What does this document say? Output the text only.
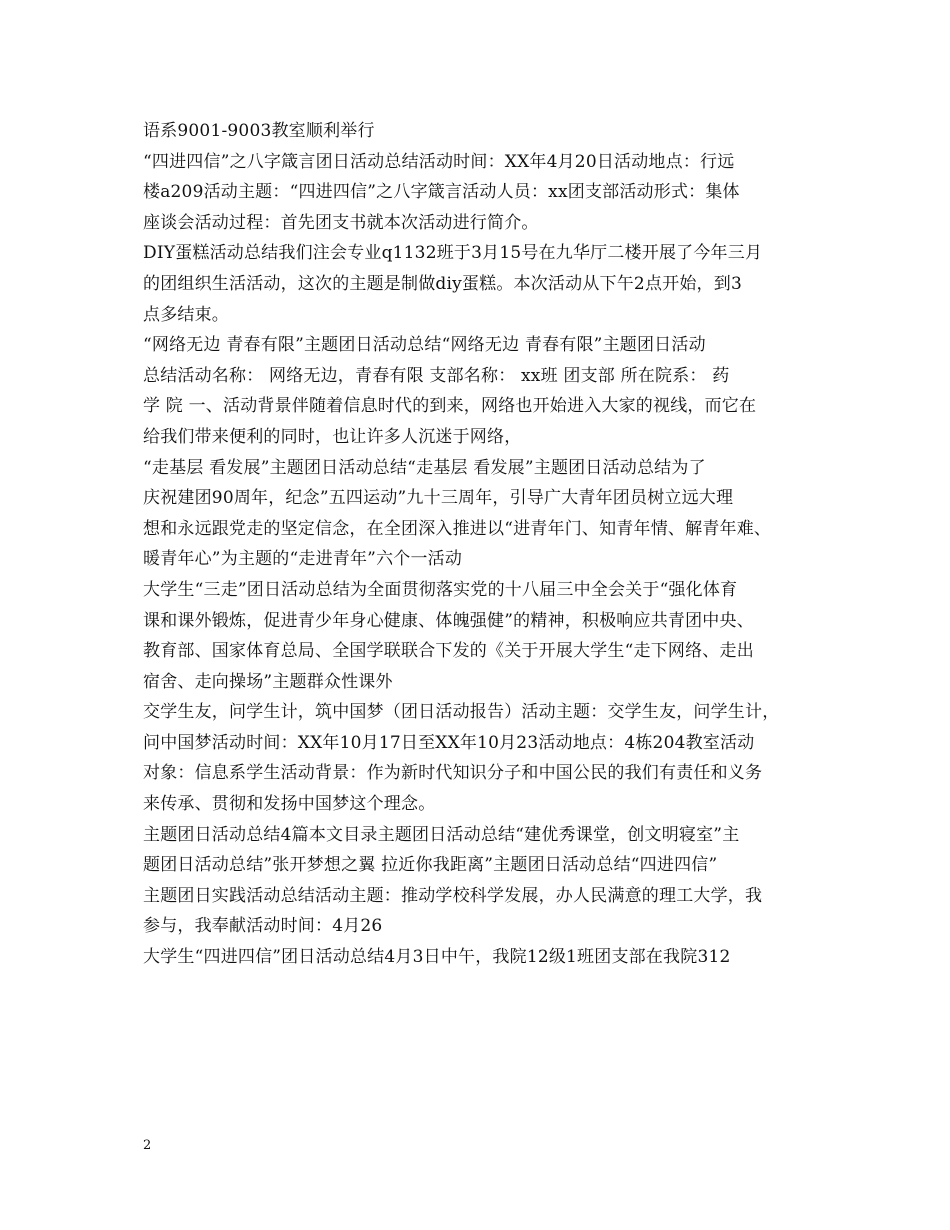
语系9001-9003教室顺利举行
“四进四信”之八字箴言团日活动总结活动时间：XX年4月20日活动地点：行远
楼a209活动主题：“四进四信”之八字箴言活动人员：xx团支部活动形式：集体
座谈会活动过程：首先团支书就本次活动进行简介。
DIY蛋糕活动总结我们注会专业q1132班于3月15号在九华厅二楼开展了今年三月
的团组织生活活动，这次的主题是制做diy蛋糕。本次活动从下午2点开始，到3
点多结束。
“网络无边 青春有限”主题团日活动总结“网络无边 青春有限”主题团日活动
总结活动名称： 网络无边，青春有限 支部名称： xx班 团支部 所在院系： 药
学 院 一、活动背景伴随着信息时代的到来，网络也开始进入大家的视线，而它在
给我们带来便利的同时，也让许多人沉迷于网络，
“走基层 看发展”主题团日活动总结“走基层 看发展”主题团日活动总结为了
庆祝建团90周年，纪念”五四运动”九十三周年，引导广大青年团员树立远大理
想和永远跟党走的坚定信念，在全团深入推进以“进青年门、知青年情、解青年难、
暖青年心”为主题的“走进青年”六个一活动
大学生“三走”团日活动总结为全面贯彻落实党的十八届三中全会关于“强化体育
课和课外锻炼，促进青少年身心健康、体魄强健”的精神，积极响应共青团中央、
教育部、国家体育总局、全国学联联合下发的《关于开展大学生“走下网络、走出
宿舍、走向操场”主题群众性课外
交学生友，问学生计，筑中国梦（团日活动报告）活动主题：交学生友，问学生计，
问中国梦活动时间：XX年10月17日至XX年10月23活动地点：4栋204教室活动
对象：信息系学生活动背景：作为新时代知识分子和中国公民的我们有责任和义务
来传承、贯彻和发扬中国梦这个理念。
主题团日活动总结4篇本文目录主题团日活动总结“建优秀课堂，创文明寝室”主
题团日活动总结”张开梦想之翼 拉近你我距离”主题团日活动总结“四进四信”
主题团日实践活动总结活动主题：推动学校科学发展，办人民满意的理工大学，我
参与，我奉献活动时间：4月26
大学生“四进四信”团日活动总结4月3日中午，我院12级1班团支部在我院312
2
